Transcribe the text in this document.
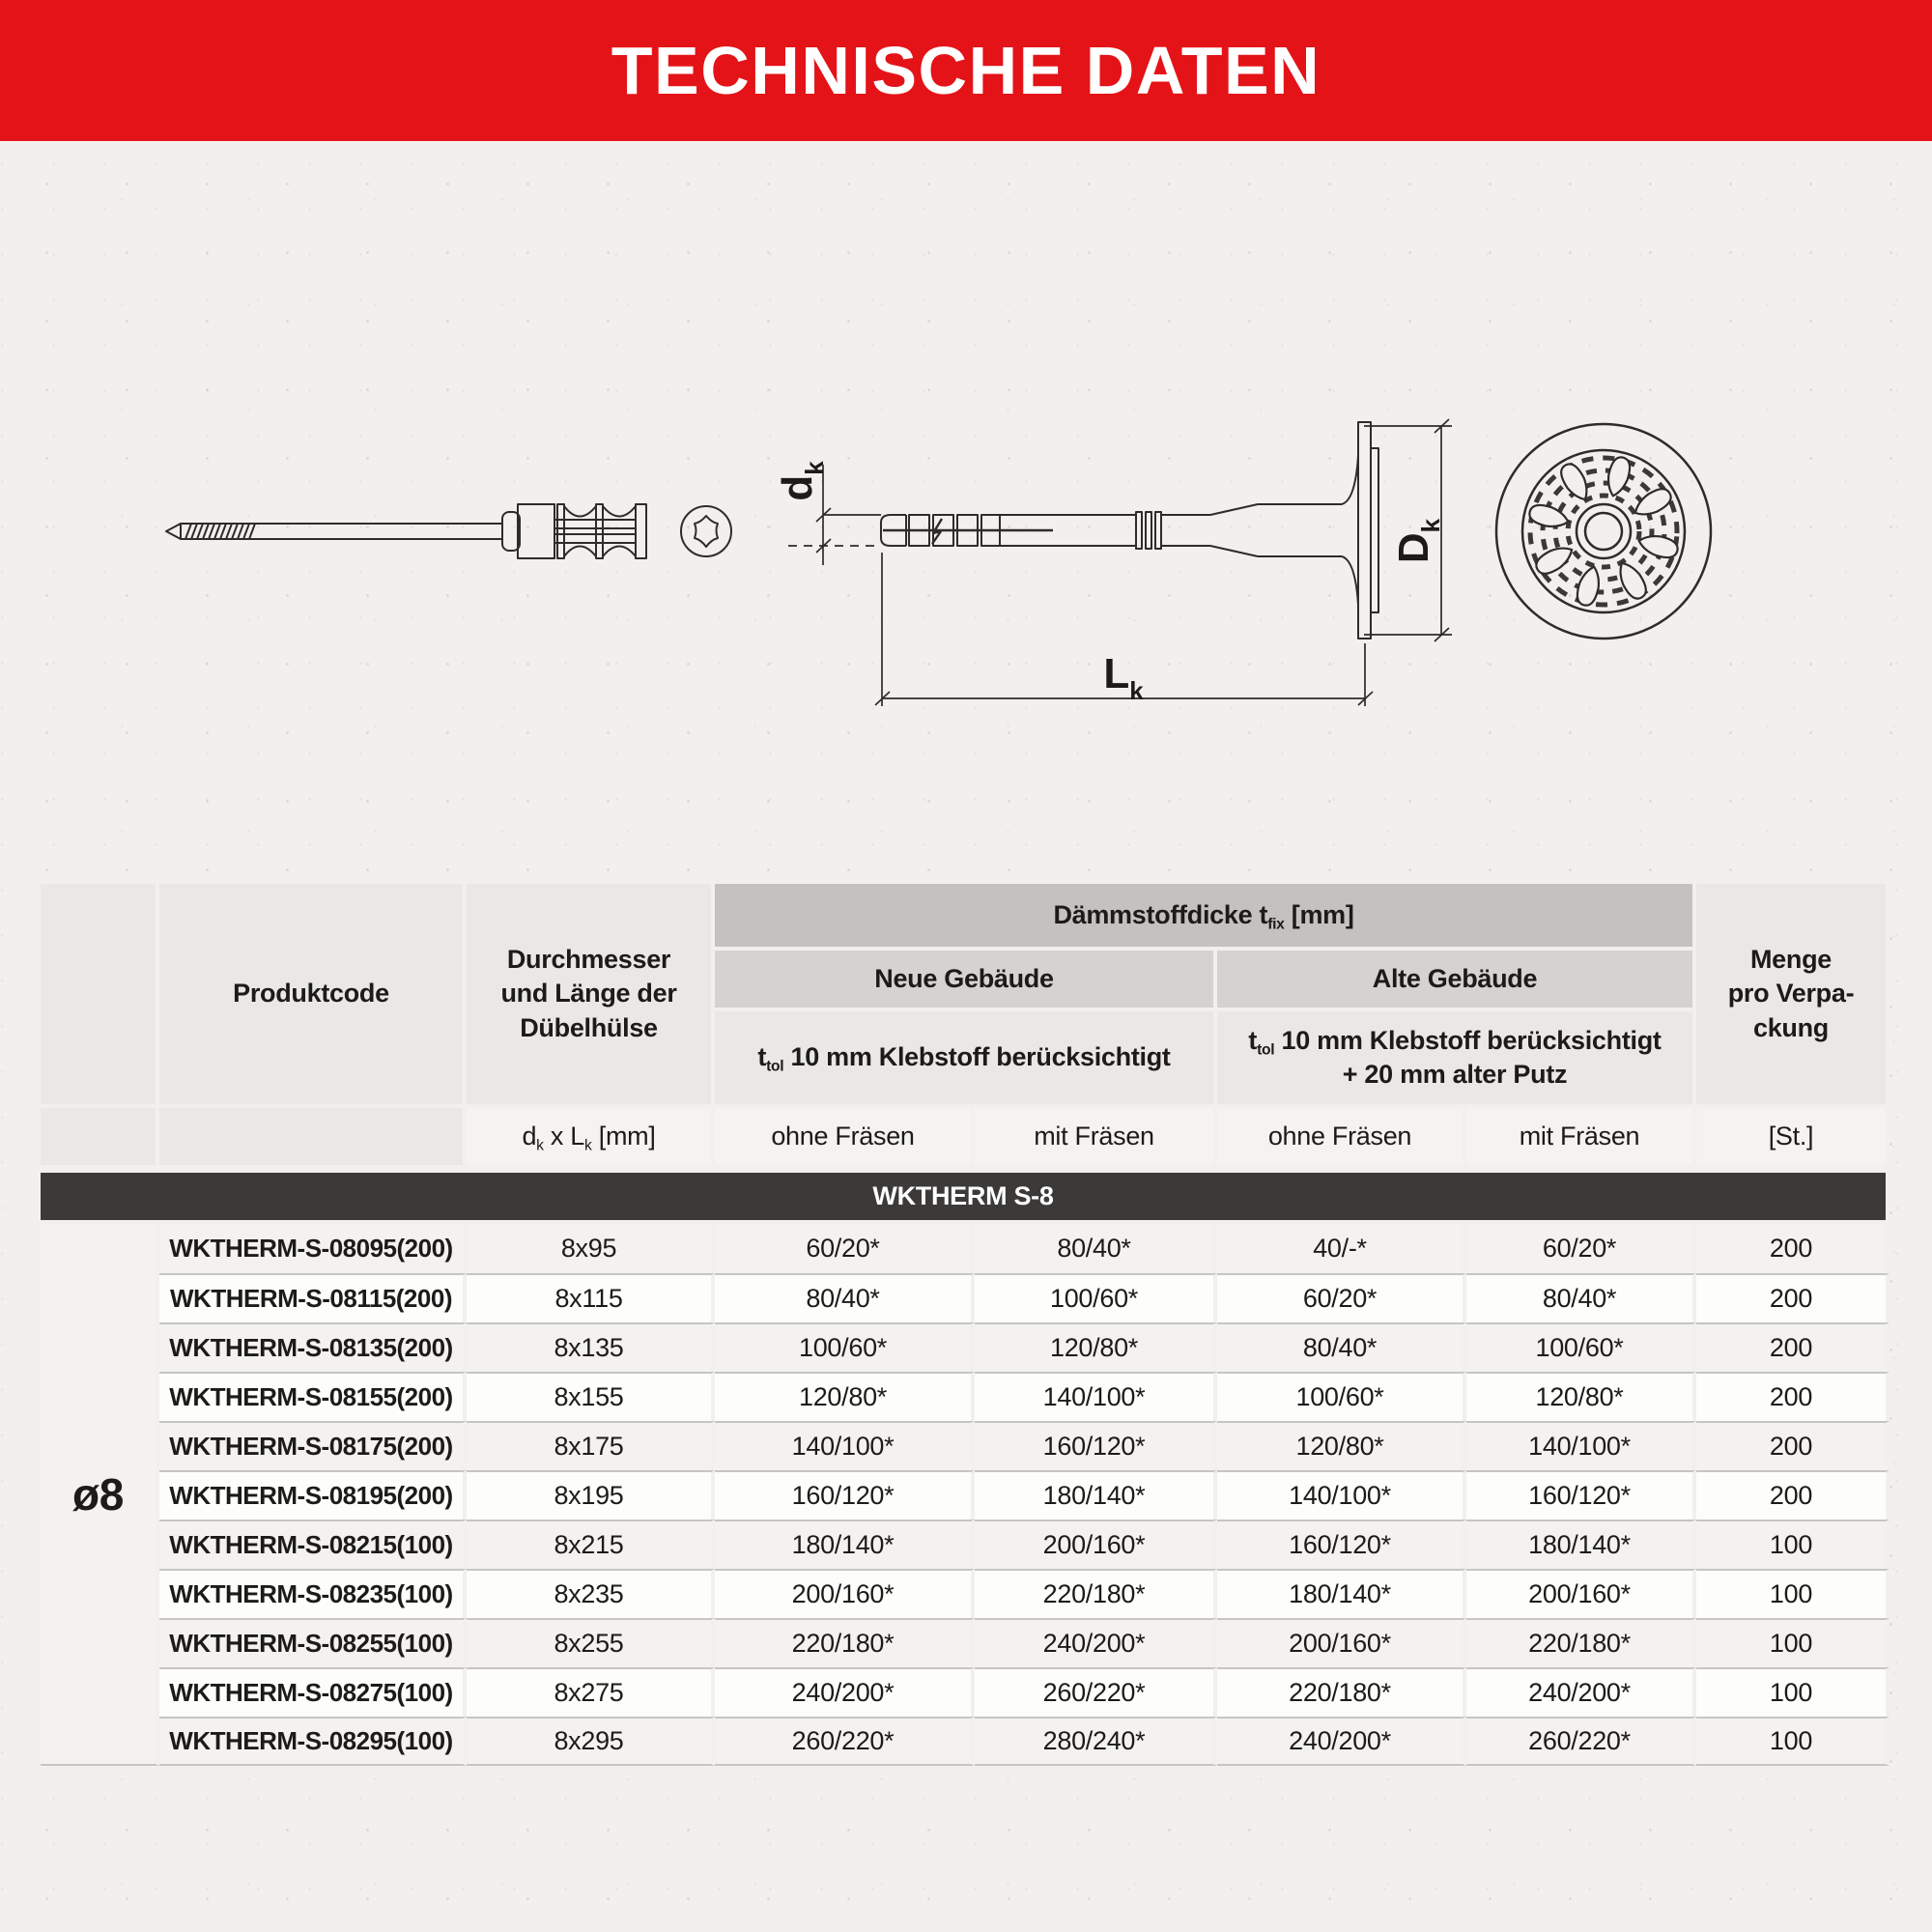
TECHNISCHE DATEN
$d_k$
$D_k$
$L_k$
	Produktcode	
Durchmesser
und Länge der
Dübelhülse
	Dämmstoffdicke $t_{fix}$ [mm]	
Menge
pro Verpa-
ckung

			Neue Gebäude		Alte Gebäude		
			$t_{tol}$ 10 mm Klebstoff berücksichtigt		$t_{tol}$ 10 mm Klebstoff berücksichtigt
+ 20 mm alter Putz		

		$d_k$ x $L_k$ [mm]	ohne Fräsen	mit Fräsen	ohne Fräsen	mit Fräsen	[St.]
WKTHERM S-8							
ø8	WKTHERM-S-08095(200)	8x95	60/20*	80/40*	40/-*	60/20*	200
	WKTHERM-S-08115(200)	8x115	80/40*	100/60*	60/20*	80/40*	200
	WKTHERM-S-08135(200)	8x135	100/60*	120/80*	80/40*	100/60*	200
	WKTHERM-S-08155(200)	8x155	120/80*	140/100*	100/60*	120/80*	200
	WKTHERM-S-08175(200)	8x175	140/100*	160/120*	120/80*	140/100*	200
	WKTHERM-S-08195(200)	8x195	160/120*	180/140*	140/100*	160/120*	200
	WKTHERM-S-08215(100)	8x215	180/140*	200/160*	160/120*	180/140*	100
	WKTHERM-S-08235(100)	8x235	200/160*	220/180*	180/140*	200/160*	100
	WKTHERM-S-08255(100)	8x255	220/180*	240/200*	200/160*	220/180*	100
	WKTHERM-S-08275(100)	8x275	240/200*	260/220*	220/180*	240/200*	100
	WKTHERM-S-08295(100)	8x295	260/220*	280/240*	240/200*	260/220*	100
